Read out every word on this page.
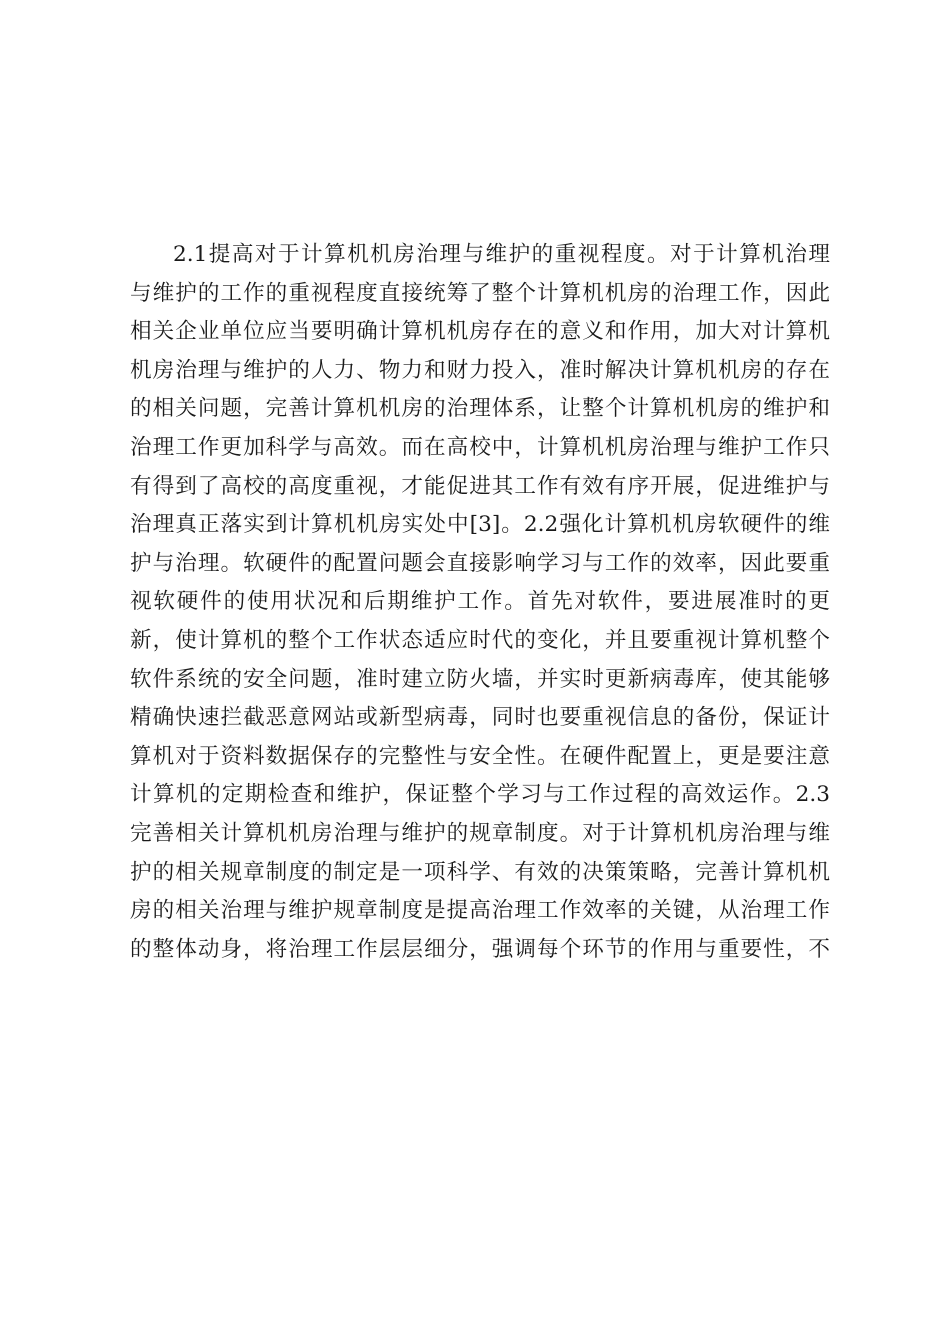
2.1提高对于计算机机房治理与维护的重视程度。对于计算机治理
与维护的工作的重视程度直接统筹了整个计算机机房的治理工作，因此
相关企业单位应当要明确计算机机房存在的意义和作用，加大对计算机
机房治理与维护的人力、物力和财力投入，准时解决计算机机房的存在
的相关问题，完善计算机机房的治理体系，让整个计算机机房的维护和
治理工作更加科学与高效。而在高校中，计算机机房治理与维护工作只
有得到了高校的高度重视，才能促进其工作有效有序开展，促进维护与
治理真正落实到计算机机房实处中[3]。2.2强化计算机机房软硬件的维
护与治理。软硬件的配置问题会直接影响学习与工作的效率，因此要重
视软硬件的使用状况和后期维护工作。首先对软件，要进展准时的更
新，使计算机的整个工作状态适应时代的变化，并且要重视计算机整个
软件系统的安全问题，准时建立防火墙，并实时更新病毒库，使其能够
精确快速拦截恶意网站或新型病毒，同时也要重视信息的备份，保证计
算机对于资料数据保存的完整性与安全性。在硬件配置上，更是要注意
计算机的定期检查和维护，保证整个学习与工作过程的高效运作。2.3
完善相关计算机机房治理与维护的规章制度。对于计算机机房治理与维
护的相关规章制度的制定是一项科学、有效的决策策略，完善计算机机
房的相关治理与维护规章制度是提高治理工作效率的关键，从治理工作
的整体动身，将治理工作层层细分，强调每个环节的作用与重要性，不
